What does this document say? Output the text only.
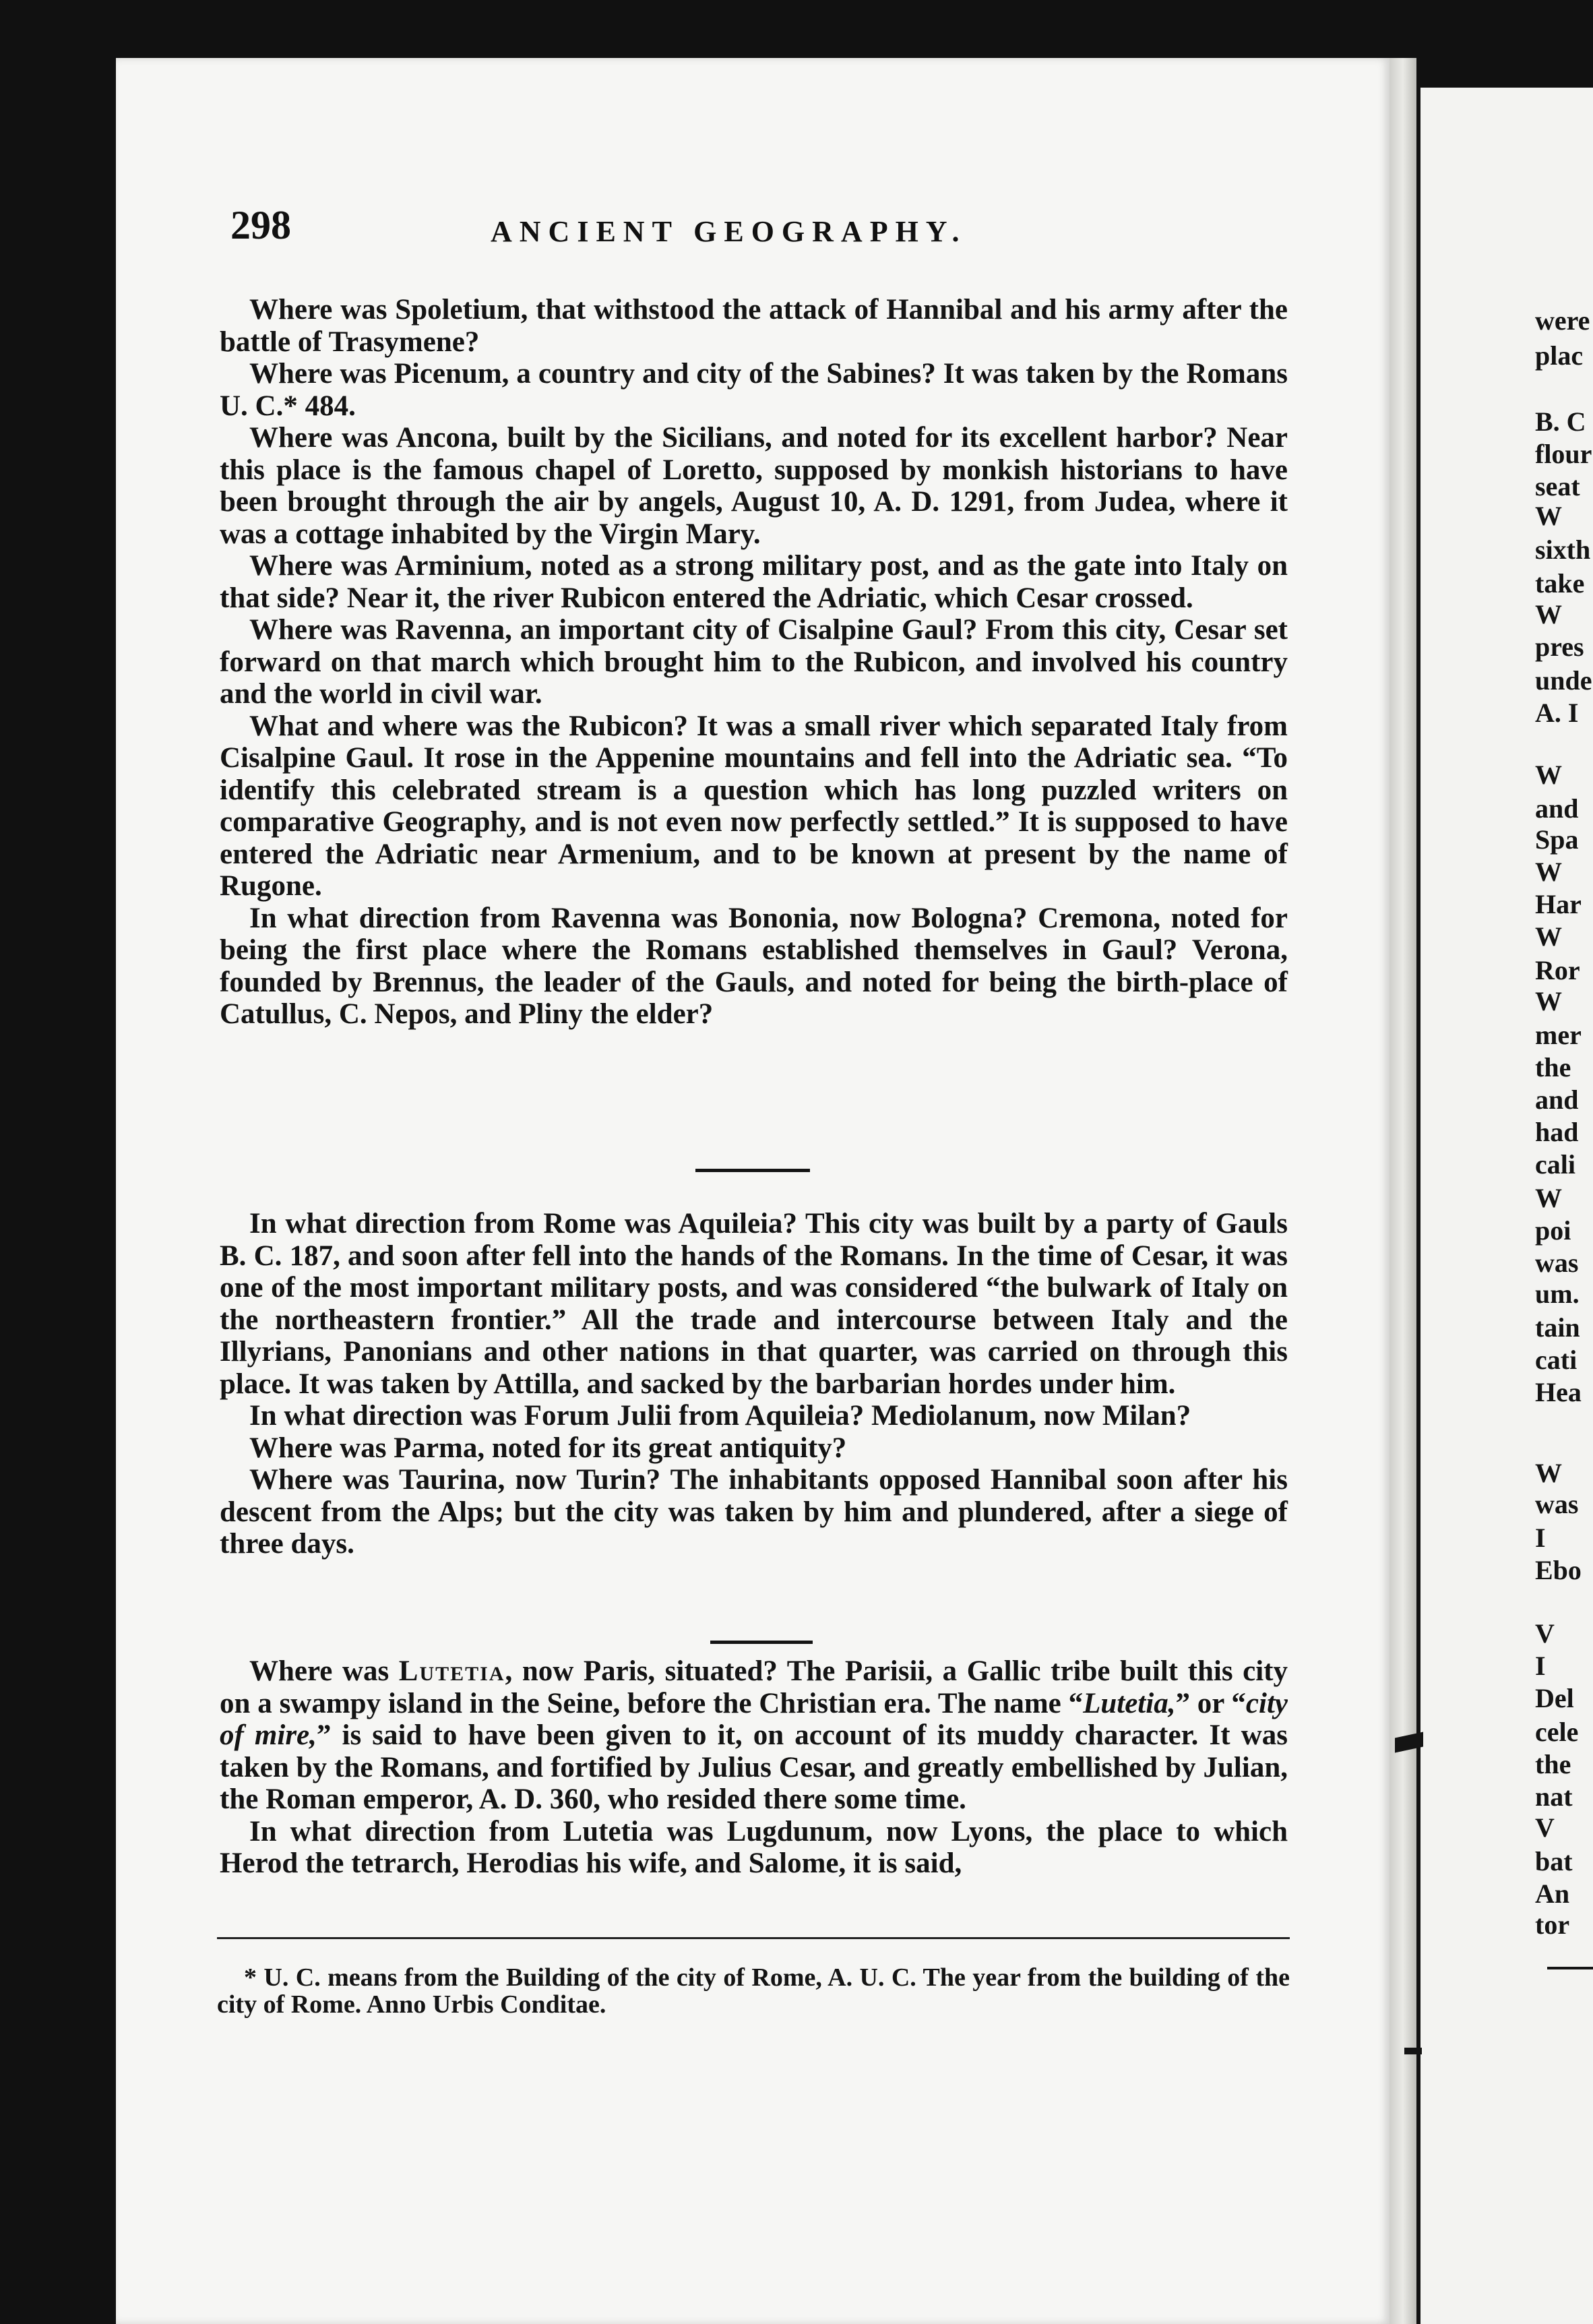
were
plac
B. C
flour
seat
W
sixth
take
W
pres
unde
A. I
W
and
Spa
W
Har
W
Ror
W
mer
the
and
had
cali
W
poi
was
um.
tain
cati
Hea
W
was
I
Ebo
V
I
Del
cele
the
nat
V
bat
An
tor
298	ANCIENT GEOGRAPHY.

Where was Spoletium, that withstood the attack of Hannibal and his army after the battle of Trasymene?

Where was Picenum, a country and city of the Sabines? It was taken by the Romans U. C.* 484.

Where was Ancona, built by the Sicilians, and noted for its excellent harbor? Near this place is the famous chapel of Loretto, supposed by monkish historians to have been brought through the air by angels, August 10, A. D. 1291, from Judea, where it was a cottage inhabited by the Virgin Mary.

Where was Arminium, noted as a strong military post, and as the gate into Italy on that side? Near it, the river Rubicon entered the Adriatic, which Cesar crossed.

Where was Ravenna, an important city of Cisalpine Gaul? From this city, Cesar set forward on that march which brought him to the Rubicon, and involved his country and the world in civil war.

What and where was the Rubicon? It was a small river which separated Italy from Cisalpine Gaul. It rose in the Appenine mountains and fell into the Adriatic sea. “To identify this celebrated stream is a question which has long puzzled writers on comparative Geography, and is not even now perfectly settled.” It is supposed to have entered the Adriatic near Armenium, and to be known at present by the name of Rugone.

In what direction from Ravenna was Bononia, now Bologna? Cremona, noted for being the first place where the Romans established themselves in Gaul? Verona, founded by Brennus, the leader of the Gauls, and noted for being the birth-place of Catullus, C. Nepos, and Pliny the elder?

In what direction from Rome was Aquileia? This city was built by a party of Gauls B. C. 187, and soon after fell into the hands of the Romans. In the time of Cesar, it was one of the most important military posts, and was considered “the bulwark of Italy on the northeastern frontier.” All the trade and intercourse between Italy and the Illyrians, Panonians and other nations in that quarter, was carried on through this place. It was taken by Attilla, and sacked by the barbarian hordes under him.

In what direction was Forum Julii from Aquileia? Mediolanum, now Milan?

Where was Parma, noted for its great antiquity?

Where was Taurina, now Turin? The inhabitants opposed Hannibal soon after his descent from the Alps; but the city was taken by him and plundered, after a siege of three days.

Where was Lutetia, now Paris, situated? The Parisii, a Gallic tribe built this city on a swampy island in the Seine, before the Christian era. The name “Lutetia,” or “city of mire,” is said to have been given to it, on account of its muddy character. It was taken by the Romans, and fortified by Julius Cesar, and greatly embellished by Julian, the Roman emperor, A. D. 360, who resided there some time.

In what direction from Lutetia was Lugdunum, now Lyons, the place to which Herod the tetrarch, Herodias his wife, and Salome, it is said,

* U. C. means from the Building of the city of Rome, A. U. C. The year from the building of the city of Rome. Anno Urbis Conditae.
